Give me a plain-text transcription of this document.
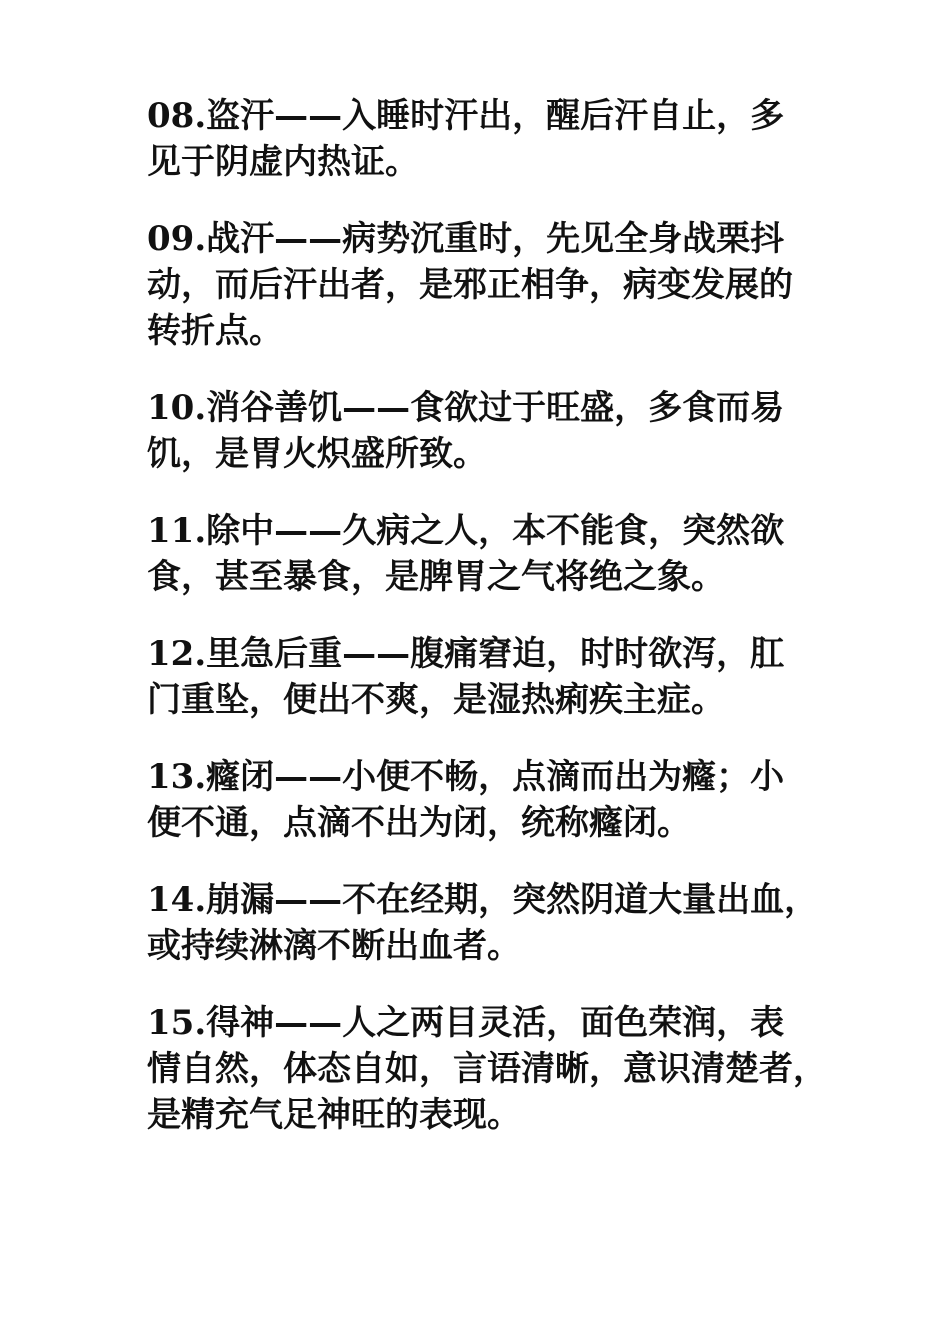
08.盗汗——入睡时汗出，醒后汗自止，多

见于阴虚内热证。

09.战汗——病势沉重时，先见全身战栗抖

动，而后汗出者，是邪正相争，病变发展的

转折点。

10.消谷善饥——食欲过于旺盛，多食而易

饥，是胃火炽盛所致。

11.除中——久病之人，本不能食，突然欲

食，甚至暴食，是脾胃之气将绝之象。

12.里急后重——腹痛窘迫，时时欲泻，肛

门重坠，便出不爽，是湿热痢疾主症。

13.癃闭——小便不畅，点滴而出为癃；小

便不通，点滴不出为闭，统称癃闭。

14.崩漏——不在经期，突然阴道大量出血，

或持续淋漓不断出血者。

15.得神——人之两目灵活，面色荣润，表

情自然，体态自如，言语清晰，意识清楚者，

是精充气足神旺的表现。
